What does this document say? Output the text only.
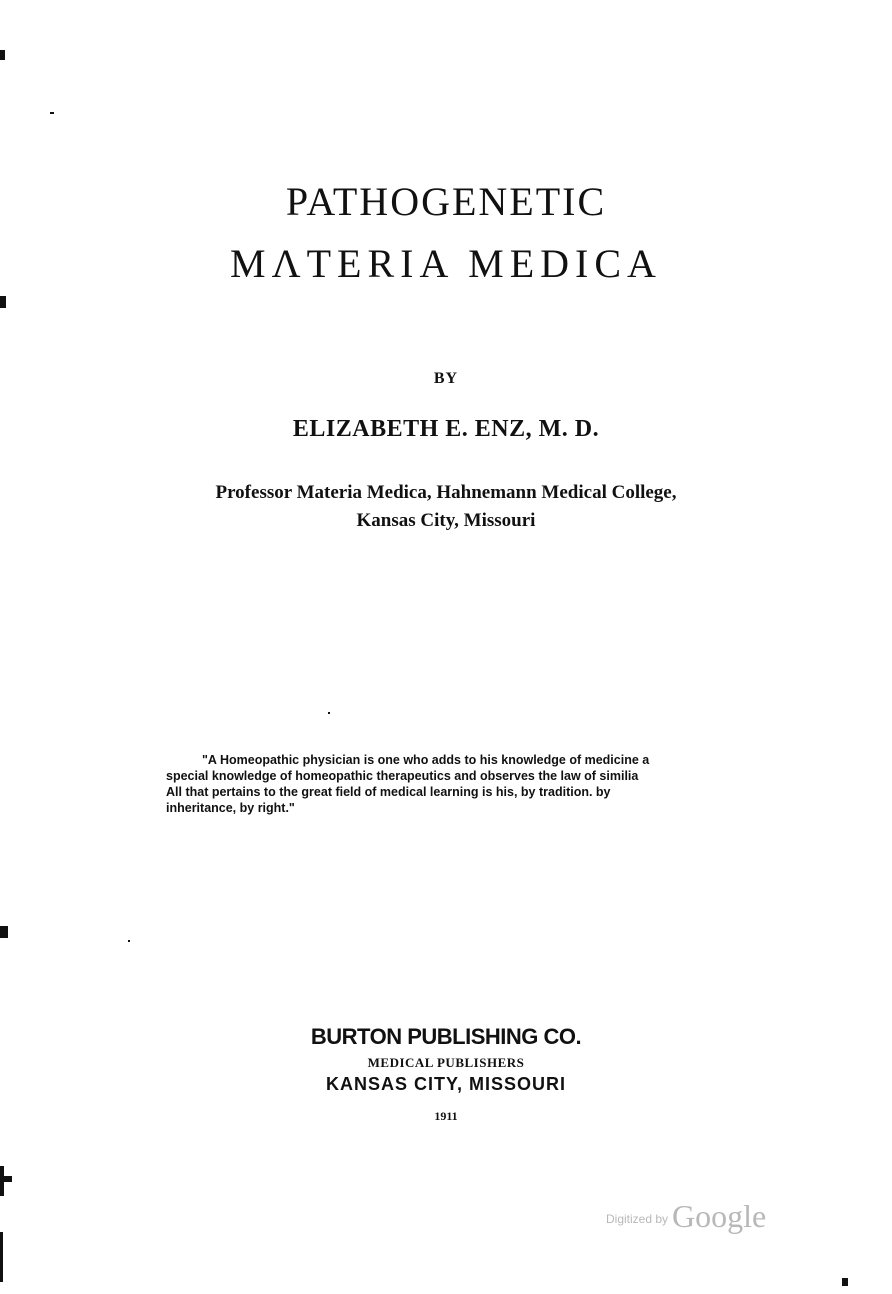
PATHOGENETIC
MΛTERIA MEDICA
BY
ELIZABETH E. ENZ, M. D.
Professor Materia Medica, Hahnemann Medical College,
Kansas City, Missouri
"A Homeopathic physician is one who adds to his knowledge of medicine a
special knowledge of homeopathic therapeutics and observes the law of similia
All that pertains to the great field of medical learning is his, by tradition. by
inheritance, by right."
BURTON PUBLISHING CO.
MEDICAL PUBLISHERS
KANSAS CITY, MISSOURI
1911
$^{Digitized by}$ Google
